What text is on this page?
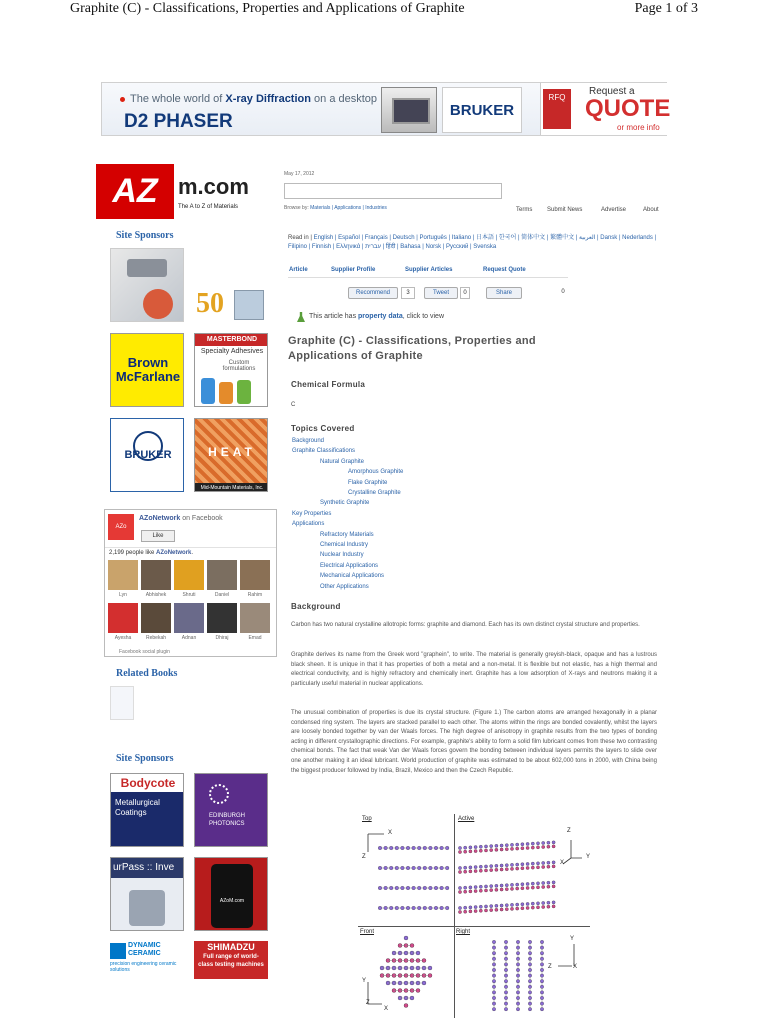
Graphite (C) - Classifications, Properties and Applications of Graphite	Page 1 of 3
The whole world of X-ray Diffraction on a desktop
D2 PHASER
BRUKER
RFQ
Request a
QUOTE
or more info
AZ m.com
The A to Z of Materials
Site Sponsors
50
Brown McFarlane
MASTERBOND
Specialty Adhesives
Custom formulations
BRUKER	HEAT
Mid-Mountain Materials, Inc.
AZo
AZoNetwork on Facebook
Like
2,199 people like AZoNetwork.
Lyn	Abhishek	Shruti	Daniel	Rahim
Ayesha	Rebekah	Adnan	Dhiraj	Emad
Facebook social plugin
Related Books
Site Sponsors
Bodycote
Metallurgical Coatings	EDINBURGH PHOTONICS
urPass :: Inve
AZoM.com
DYNAMIC CERAMIC
precision engineering ceramic solutions
SHIMADZU
Full range of world-class testing machines
May 17, 2012
Browse by: Materials | Applications | Industries	Terms Submit News	Advertise	About
Read in | English | Español | Français | Deutsch | Português | Italiano | 日本語 | 한국어 | 简体中文 | 繁體中文 | العربية | Dansk | Nederlands | Filipino | Finnish | Ελληνικά | עברית | हिंदी | Bahasa | Norsk | Русский | Svenska
Article	Supplier Profile	Supplier Articles	Request Quote
Recommend	3	Tweet	0	Share	0
This article has property data, click to view
Graphite (C) - Classifications, Properties and Applications of Graphite
Chemical Formula
C
Topics Covered
Background
Graphite Classifications
Natural Graphite
Amorphous Graphite
Flake Graphite
Crystalline Graphite
Synthetic Graphite
Key Properties
Applications
Refractory Materials
Chemical Industry
Nuclear Industry
Electrical Applications
Mechanical Applications
Other Applications
Background
Carbon has two natural crystalline allotropic forms: graphite and diamond. Each has its own distinct crystal structure and properties.
Graphite derives its name from the Greek word "graphein", to write. The material is generally greyish-black, opaque and has a lustrous black sheen. It is unique in that it has properties of both a metal and a non-metal. It is flexible but not elastic, has a high thermal and electrical conductivity, and is highly refractory and chemically inert. Graphite has a low adsorption of X-rays and neutrons making it a particularly useful material in nuclear applications.
The unusual combination of properties is due its crystal structure. (Figure 1.) The carbon atoms are arranged hexagonally in a planar condensed ring system. The layers are stacked parallel to each other. The atoms within the rings are bonded covalently, whilst the layers are loosely bonded together by van der Waals forces. The high degree of anisotropy in graphite results from the two types of bonding acting in different crystallographic directions. For example, graphite's ability to form a solid film lubricant comes from these two contrasting chemical bonds. The fact that weak Van der Waals forces govern the bonding between individual layers permits the layers to slide over one another making it an ideal lubricant. World production of graphite was estimated to be about 602,000 tons in 2000, with China being the biggest producer followed by India, Brazil, Mexico and then the Czech Republic.
Top	Active
Front	Right
X
Z
Z
Y
X
Y
X
Z
Y
Z	X
